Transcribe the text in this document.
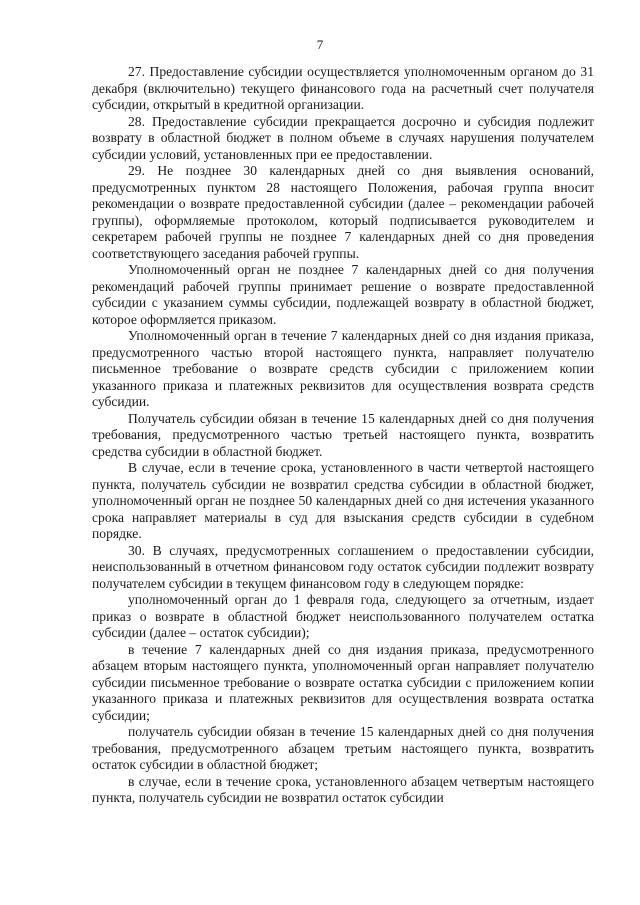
7

27. Предоставление субсидии осуществляется уполномоченным органом до 31 декабря (включительно) текущего финансового года на расчетный счет получателя субсидии, открытый в кредитной организации.

28. Предоставление субсидии прекращается досрочно и субсидия подлежит возврату в областной бюджет в полном объеме в случаях нарушения получателем субсидии условий, установленных при ее предоставлении.

29. Не позднее 30 календарных дней со дня выявления оснований, предусмотренных пунктом 28 настоящего Положения, рабочая группа вносит рекомендации о возврате предоставленной субсидии (далее – рекомендации рабочей группы), оформляемые протоколом, который подписывается руководителем и секретарем рабочей группы не позднее 7 календарных дней со дня проведения соответствующего заседания рабочей группы.

Уполномоченный орган не позднее 7 календарных дней со дня получения рекомендаций рабочей группы принимает решение о возврате предоставленной субсидии с указанием суммы субсидии, подлежащей возврату в областной бюджет, которое оформляется приказом.

Уполномоченный орган в течение 7 календарных дней со дня издания приказа, предусмотренного частью второй настоящего пункта, направляет получателю письменное требование о возврате средств субсидии с приложением копии указанного приказа и платежных реквизитов для осуществления возврата средств субсидии.

Получатель субсидии обязан в течение 15 календарных дней со дня получения требования, предусмотренного частью третьей настоящего пункта, возвратить средства субсидии в областной бюджет.

В случае, если в течение срока, установленного в части четвертой настоящего пункта, получатель субсидии не возвратил средства субсидии в областной бюджет, уполномоченный орган не позднее 50 календарных дней со дня истечения указанного срока направляет материалы в суд для взыскания средств субсидии в судебном порядке.

30. В случаях, предусмотренных соглашением о предоставлении субсидии, неиспользованный в отчетном финансовом году остаток субсидии подлежит возврату получателем субсидии в текущем финансовом году в следующем порядке:

уполномоченный орган до 1 февраля года, следующего за отчетным, издает приказ о возврате в областной бюджет неиспользованного получателем остатка субсидии (далее – остаток субсидии);

в течение 7 календарных дней со дня издания приказа, предусмотренного абзацем вторым настоящего пункта, уполномоченный орган направляет получателю субсидии письменное требование о возврате остатка субсидии с приложением копии указанного приказа и платежных реквизитов для осуществления возврата остатка субсидии;

получатель субсидии обязан в течение 15 календарных дней со дня получения требования, предусмотренного абзацем третьим настоящего пункта, возвратить остаток субсидии в областной бюджет;

в случае, если в течение срока, установленного абзацем четвертым настоящего пункта, получатель субсидии не возвратил остаток субсидии
